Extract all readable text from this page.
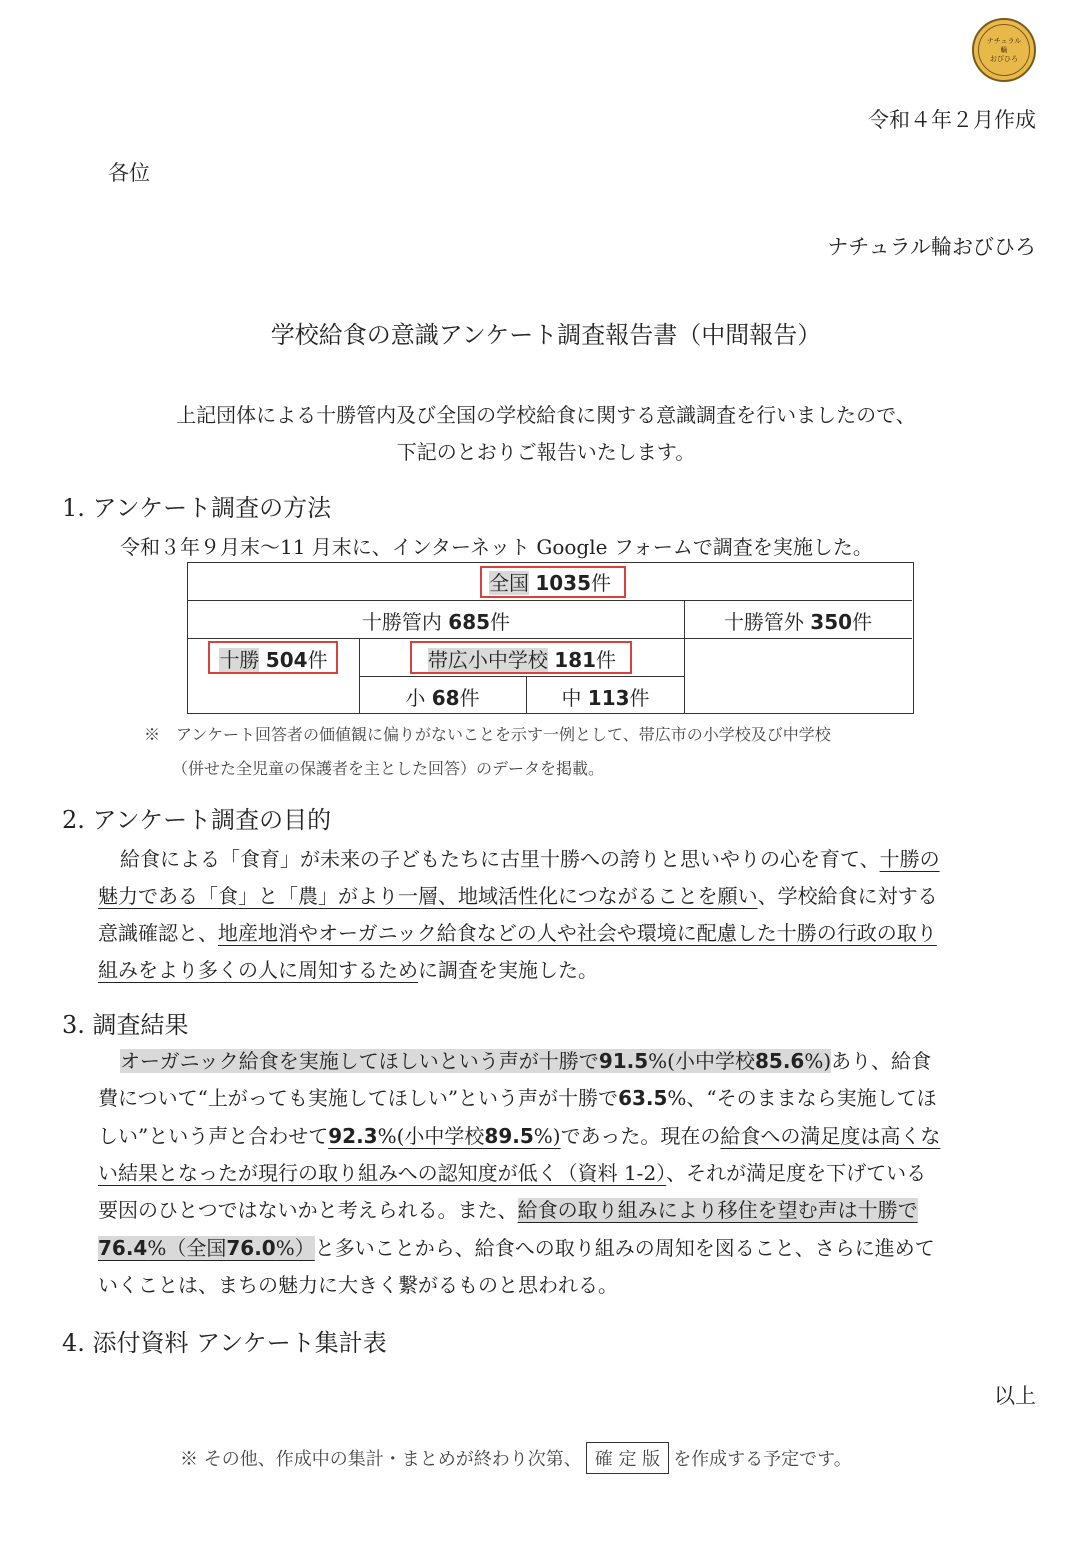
ナチュラル
輪
おびひろ
令和４年２月作成
各位
ナチュラル輪おびひろ
学校給食の意識アンケート調査報告書（中間報告）
上記団体による十勝管内及び全国の学校給食に関する意識調査を行いましたので、
下記のとおりご報告いたします。
1. アンケート調査の方法
令和３年９月末〜11 月末に、インターネット Google フォームで調査を実施した。
全国 1035件
十勝管内 685件	十勝管外 350件
十勝 504件	帯広小中学校 181件
小 68件	中 113件
※　アンケート回答者の価値観に偏りがないことを示す一例として、帯広市の小学校及び中学校
（併せた全児童の保護者を主とした回答）のデータを掲載。
2. アンケート調査の目的
給食による「食育」が未来の子どもたちに古里十勝への誇りと思いやりの心を育て、十勝の
魅力である「食」と「農」がより一層、地域活性化につながることを願い、学校給食に対する
意識確認と、地産地消やオーガニック給食などの人や社会や環境に配慮した十勝の行政の取り
組みをより多くの人に周知するために調査を実施した。
3. 調査結果
オーガニック給食を実施してほしいという声が十勝で91.5%(小中学校85.6%)あり、給食
費について“上がっても実施してほしい”という声が十勝で63.5%、“そのままなら実施してほ
しい”という声と合わせて92.3%(小中学校89.5%)であった。現在の給食への満足度は高くな
い結果となったが現行の取り組みへの認知度が低く（資料 1-2）、それが満足度を下げている
要因のひとつではないかと考えられる。また、給食の取り組みにより移住を望む声は十勝で
76.4%（全国76.0%）と多いことから、給食への取り組みの周知を図ること、さらに進めて
いくことは、まちの魅力に大きく繋がるものと思われる。
4. 添付資料 アンケート集計表
以上
※ その他、作成中の集計・まとめが終わり次第、 確 定 版 を作成する予定です。
